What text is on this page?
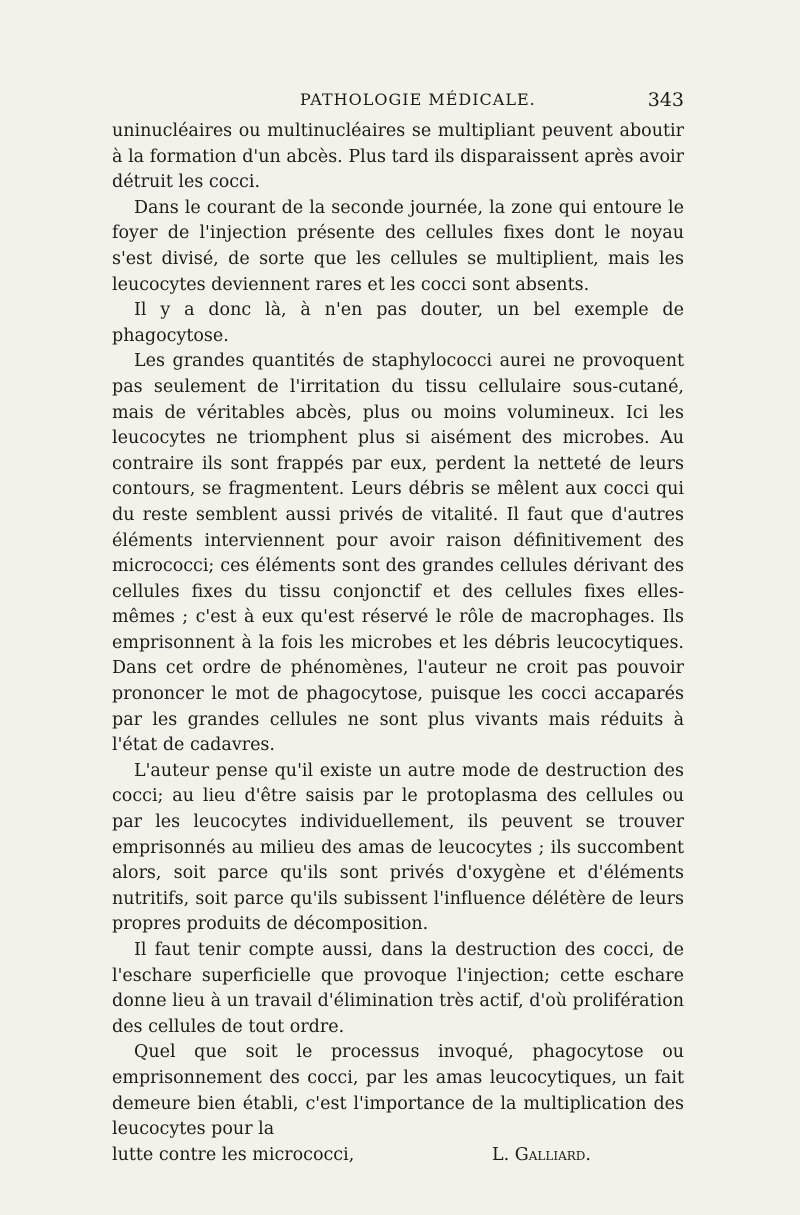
PATHOLOGIE MÉDICALE.	343

uninucléaires ou multinucléaires se multipliant peuvent aboutir à la formation d'un abcès. Plus tard ils disparaissent après avoir détruit les cocci.

Dans le courant de la seconde journée, la zone qui entoure le foyer de l'injection présente des cellules fixes dont le noyau s'est divisé, de sorte que les cellules se multiplient, mais les leucocytes deviennent rares et les cocci sont absents.

Il y a donc là, à n'en pas douter, un bel exemple de phagocytose.

Les grandes quantités de staphylococci aurei ne provoquent pas seulement de l'irritation du tissu cellulaire sous-cutané, mais de véritables abcès, plus ou moins volumineux. Ici les leucocytes ne triomphent plus si aisément des microbes. Au contraire ils sont frappés par eux, perdent la netteté de leurs contours, se fragmentent. Leurs débris se mêlent aux cocci qui du reste semblent aussi privés de vitalité. Il faut que d'autres éléments interviennent pour avoir raison définitivement des micrococci; ces éléments sont des grandes cellules dérivant des cellules fixes du tissu conjonctif et des cellules fixes elles-mêmes ; c'est à eux qu'est réservé le rôle de macrophages. Ils emprisonnent à la fois les microbes et les débris leucocytiques. Dans cet ordre de phénomènes, l'auteur ne croit pas pouvoir prononcer le mot de phagocytose, puisque les cocci accaparés par les grandes cellules ne sont plus vivants mais réduits à l'état de cadavres.

L'auteur pense qu'il existe un autre mode de destruction des cocci; au lieu d'être saisis par le protoplasma des cellules ou par les leucocytes individuellement, ils peuvent se trouver emprisonnés au milieu des amas de leucocytes ; ils succombent alors, soit parce qu'ils sont privés d'oxygène et d'éléments nutritifs, soit parce qu'ils subissent l'influence délétère de leurs propres produits de décomposition.

Il faut tenir compte aussi, dans la destruction des cocci, de l'eschare superficielle que provoque l'injection; cette eschare donne lieu à un travail d'élimination très actif, d'où prolifération des cellules de tout ordre.

Quel que soit le processus invoqué, phagocytose ou emprisonnement des cocci, par les amas leucocytiques, un fait demeure bien établi, c'est l'importance de la multiplication des leucocytes pour la

lutte contre les micrococci,	L. Galliard.
